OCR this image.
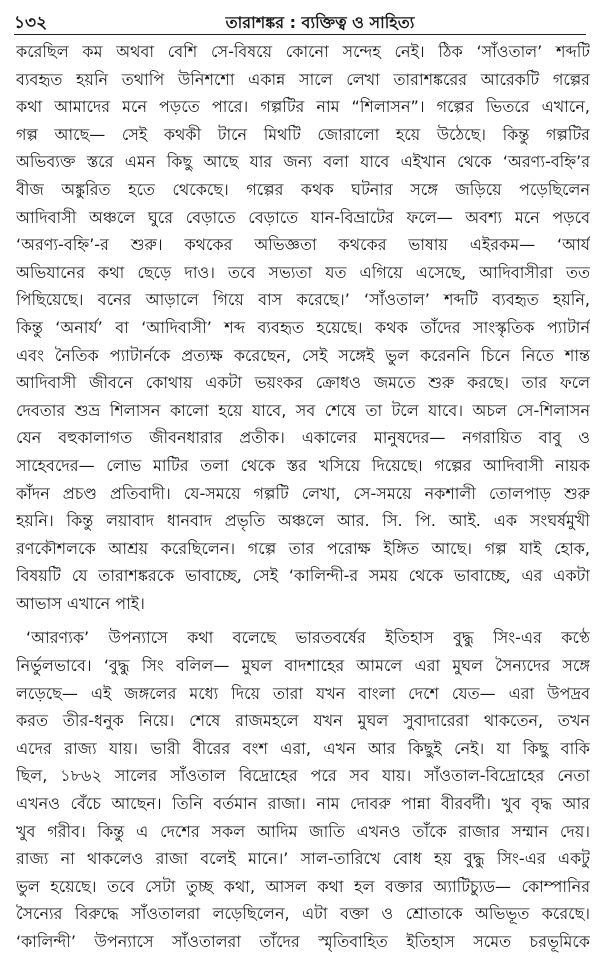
১৩২	তারাশঙ্কর : ব্যক্তিত্ব ও সাহিত্য
করেছিল কম অথবা বেশি সে-বিষয়ে কোনো সন্দেহ নেই। ঠিক ‘সাঁওতাল’ শব্দটি
ব্যবহৃত হয়নি তথাপি উনিশশো একান্ন সালে লেখা তারাশঙ্করের আরেকটি গল্পের
কথা আমাদের মনে পড়তে পারে। গল্পটির নাম “শিলাসন”। গল্পের ভিতরে এখানে,
গল্প আছে— সেই কথকী টানে মিথটি জোরালো হয়ে উঠেছে। কিন্তু গল্পটির
অভিব্যক্ত স্তরে এমন কিছু আছে যার জন্য বলা যাবে এইখান থেকে ‘অরণ্য-বহ্নি’র
বীজ অঙ্কুরিত হতে থেকেছে। গল্পের কথক ঘটনার সঙ্গে জড়িয়ে পড়েছিলেন
আদিবাসী অঞ্চলে ঘুরে বেড়াতে বেড়াতে যান-বিভ্রাটের ফলে— অবশ্য মনে পড়বে
‘অরণ্য-বহ্নি’-র শুরু। কথকের অভিজ্ঞতা কথকের ভাষায় এইরকম— ‘আর্য
অভিযানের কথা ছেড়ে দাও। তবে সভ্যতা যত এগিয়ে এসেছে, আদিবাসীরা তত
পিছিয়েছে। বনের আড়ালে গিয়ে বাস করেছে।’ ‘সাঁওতাল’ শব্দটি ব্যবহৃত হয়নি,
কিন্তু ‘অনার্য’ বা ‘আদিবাসী’ শব্দ ব্যবহৃত হয়েছে। কথক তাঁদের সাংস্কৃতিক প্যাটার্ন
এবং নৈতিক প্যাটার্নকে প্রত্যক্ষ করেছেন, সেই সঙ্গেই ভুল করেননি চিনে নিতে শান্ত
আদিবাসী জীবনে কোথায় একটা ভয়ংকর ক্রোধও জমতে শুরু করছে। তার ফলে
দেবতার শুভ্র শিলাসন কালো হয়ে যাবে, সব শেষে তা টলে যাবে। অচল সে-শিলাসন
যেন বহুকালাগত জীবনধারার প্রতীক। একালের মানুষদের— নগরায়িত বাবু ও
সাহেবদের— লোভ মাটির তলা থেকে স্তর খসিয়ে দিয়েছে। গল্পের আদিবাসী নায়ক
কাঁদন প্রচণ্ড প্রতিবাদী। যে-সময়ে গল্পটি লেখা, সে-সময়ে নকশালী তোলপাড় শুরু
হয়নি। কিন্তু লয়াবাদ ধানবাদ প্রভৃতি অঞ্চলে আর. সি. পি. আই. এক সংঘর্ষমুখী
রণকৌশলকে আশ্রয় করেছিলেন। গল্পে তার পরোক্ষ ইঙ্গিত আছে। গল্প যাই হোক,
বিষয়টি যে তারাশঙ্করকে ভাবাচ্ছে, সেই ‘কালিন্দী-র সময় থেকে ভাবাচ্ছে, এর একটা
আভাস এখানে পাই।
‘আরণ্যক’ উপন্যাসে কথা বলেছে ভারতবর্ষের ইতিহাস বুদ্ধু সিং-এর কণ্ঠে
নির্ভুলভাবে। ‘বুদ্ধু সিং বলিল— মুঘল বাদশাহের আমলে এরা মুঘল সৈন্যদের সঙ্গে
লড়েছে— এই জঙ্গলের মধ্যে দিয়ে তারা যখন বাংলা দেশে যেত— এরা উপদ্রব
করত তীর-ধনুক নিয়ে। শেষে রাজমহলে যখন মুঘল সুবাদারেরা থাকতেন, তখন
এদের রাজ্য যায়। ভারী বীরের বংশ এরা, এখন আর কিছুই নেই। যা কিছু বাকি
ছিল, ১৮৬২ সালের সাঁওতাল বিদ্রোহের পরে সব যায়। সাঁওতাল-বিদ্রোহের নেতা
এখনও বেঁচে আছেন। তিনি বর্তমান রাজা। নাম দোবরু পান্না বীরবর্দী। খুব বৃদ্ধ আর
খুব গরীব। কিন্তু এ দেশের সকল আদিম জাতি এখনও তাঁকে রাজার সম্মান দেয়।
রাজ্য না থাকলেও রাজা বলেই মানে।’ সাল-তারিখে বোধ হয় বুদ্ধু সিং-এর একটু
ভুল হয়েছে। তবে সেটা তুচ্ছ কথা, আসল কথা হল বক্তার অ্যাটিচ্যুড— কোম্পানির
সৈন্যের বিরুদ্ধে সাঁওতালরা লড়েছিলেন, এটা বক্তা ও শ্রোতাকে অভিভূত করেছে।
‘কালিন্দী’ উপন্যাসে সাঁওতালরা তাঁদের স্মৃতিবাহিত ইতিহাস সমেত চরভূমিকে
